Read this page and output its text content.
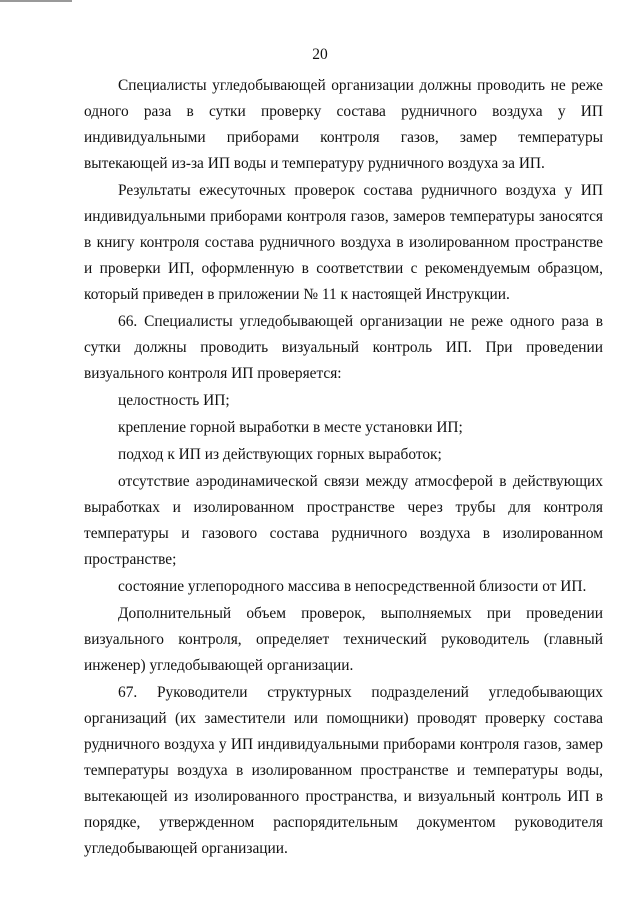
20

Специалисты угледобывающей организации должны проводить не реже одного раза в сутки проверку состава рудничного воздуха у ИП индивидуальными приборами контроля газов, замер температуры вытекающей из-за ИП воды и температуру рудничного воздуха за ИП.

Результаты ежесуточных проверок состава рудничного воздуха у ИП индивидуальными приборами контроля газов, замеров температуры заносятся в книгу контроля состава рудничного воздуха в изолированном пространстве и проверки ИП, оформленную в соответствии с рекомендуемым образцом, который приведен в приложении № 11 к настоящей Инструкции.

66. Специалисты угледобывающей организации не реже одного раза в сутки должны проводить визуальный контроль ИП. При проведении визуального контроля ИП проверяется:

целостность ИП;

крепление горной выработки в месте установки ИП;

подход к ИП из действующих горных выработок;

отсутствие аэродинамической связи между атмосферой в действующих выработках и изолированном пространстве через трубы для контроля температуры и газового состава рудничного воздуха в изолированном пространстве;

состояние углепородного массива в непосредственной близости от ИП.

Дополнительный объем проверок, выполняемых при проведении визуального контроля, определяет технический руководитель (главный инженер) угледобывающей организации.

67. Руководители структурных подразделений угледобывающих организаций (их заместители или помощники) проводят проверку состава рудничного воздуха у ИП индивидуальными приборами контроля газов, замер температуры воздуха в изолированном пространстве и температуры воды, вытекающей из изолированного пространства, и визуальный контроль ИП в порядке, утвержденном распорядительным документом руководителя угледобывающей организации.
